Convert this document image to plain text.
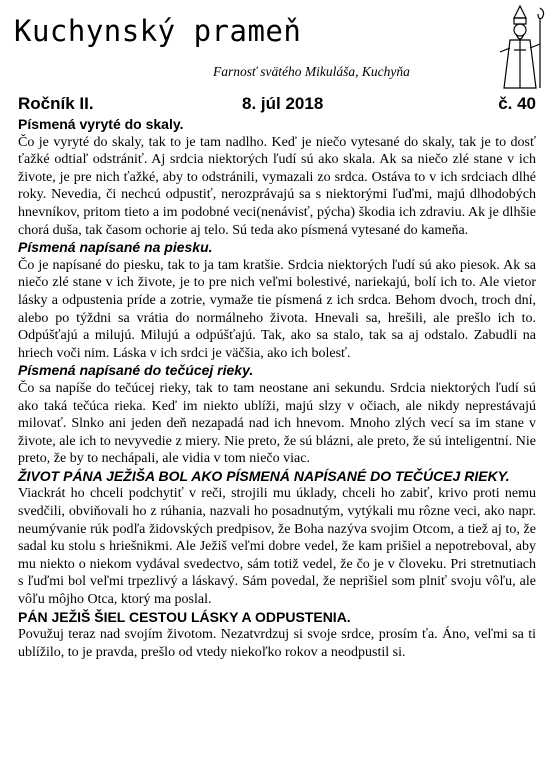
Kuchynský prameň
Farnosť svätého Mikuláša, Kuchyňa
Ročník II.	8. júl 2018	č. 40
Písmená vyryté do skaly.

Čo je vyryté do skaly, tak to je tam nadlho. Keď je niečo vytesané do skaly, tak je to dosť ťažké odtiaľ odstrániť. Aj srdcia niektorých ľudí sú ako skala. Ak sa niečo zlé stane v ich živote, je pre nich ťažké, aby to odstránili, vymazali zo srdca. Ostáva to v ich srdciach dlhé roky. Nevedia, či nechcú odpustiť, nerozprávajú sa s niektorými ľuďmi, majú dlhodobých hnevníkov, pritom tieto a im podobné veci(nenávisť, pýcha) škodia ich zdraviu. Ak je dlhšie chorá duša, tak časom ochorie aj telo. Sú teda ako písmená vytesané do kameňa.

Písmená napísané na piesku.

Čo je napísané do piesku, tak to ja tam kratšie. Srdcia niektorých ľudí sú ako piesok. Ak sa niečo zlé stane v ich živote, je to pre nich veľmi bolestivé, nariekajú, bolí ich to. Ale vietor lásky a odpustenia príde a zotrie, vymaže tie písmená z ich srdca. Behom dvoch, troch dní, alebo po týždni sa vrátia do normálneho života. Hnevali sa, hrešili, ale prešlo ich to. Odpúšťajú a milujú. Milujú a odpúšťajú. Tak, ako sa stalo, tak sa aj odstalo. Zabudli na hriech voči nim. Láska v ich srdci je väčšia, ako ich bolesť.

Písmená napísané do tečúcej rieky.

Čo sa napíše do tečúcej rieky, tak to tam neostane ani sekundu. Srdcia niektorých ľudí sú ako taká tečúca rieka. Keď im niekto ublíži, majú slzy v očiach, ale nikdy neprestávajú milovať. Slnko ani jeden deň nezapadá nad ich hnevom. Mnoho zlých vecí sa im stane v živote, ale ich to nevyvedie z miery. Nie preto, že sú blázni, ale preto, že sú inteligentní. Nie preto, že by to nechápali, ale vidia v tom niečo viac.

ŽIVOT PÁNA JEŽIŠA BOL AKO PÍSMENÁ NAPÍSANÉ DO TEČÚCEJ RIEKY.

Viackrát ho chceli podchytiť v reči, strojili mu úklady, chceli ho zabiť, krivo proti nemu svedčili, obviňovali ho z rúhania, nazvali ho posadnutým, vytýkali mu rôzne veci, ako napr. neumývanie rúk podľa židovských predpisov, že Boha nazýva svojim Otcom, a tiež aj to, že sadal ku stolu s hriešnikmi. Ale Ježiš veľmi dobre vedel, že kam prišiel a nepotreboval, aby mu niekto o niekom vydával svedectvo, sám totiž vedel, že čo je v človeku. Pri stretnutiach s ľuďmi bol veľmi trpezlivý a láskavý. Sám povedal, že neprišiel som plniť svoju vôľu, ale vôľu môjho Otca, ktorý ma poslal.

PÁN JEŽIŠ ŠIEL CESTOU LÁSKY A ODPUSTENIA.

Povužuj teraz nad svojím životom. Nezatvrdzuj si svoje srdce, prosím ťa. Áno, veľmi sa ti ublížilo, to je pravda, prešlo od vtedy niekoľko rokov a neodpustil si.
